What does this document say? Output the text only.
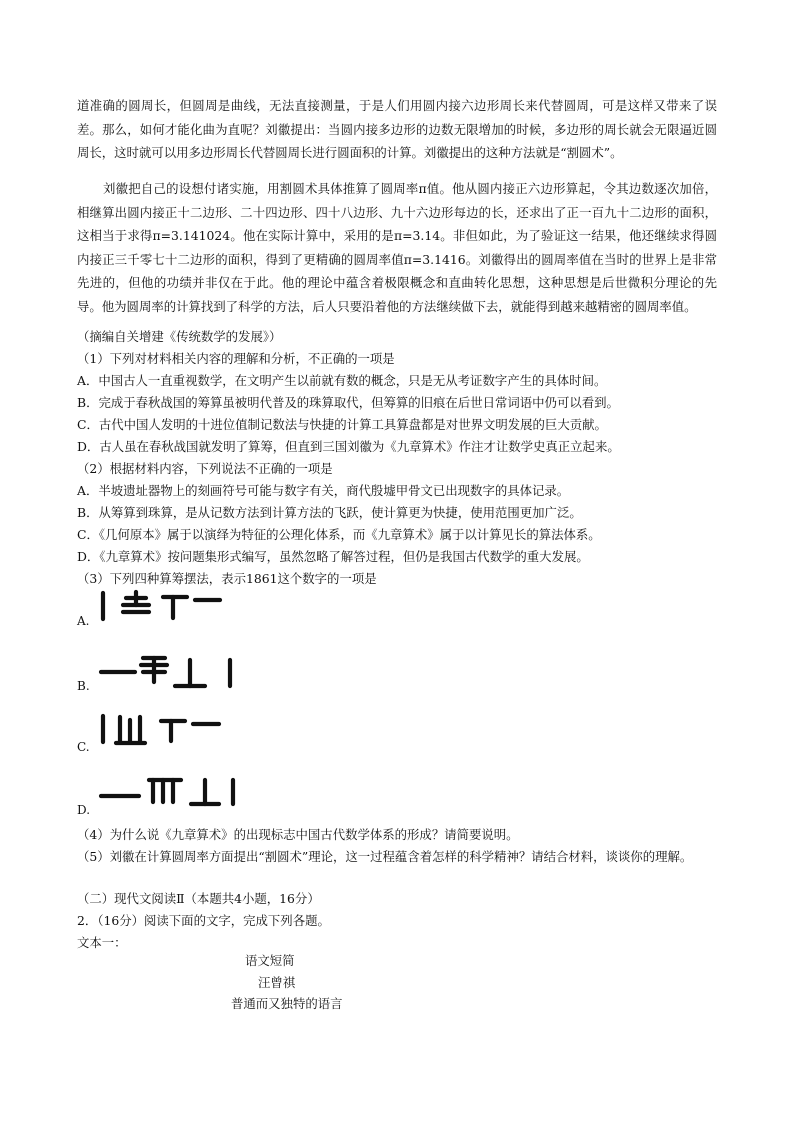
道准确的圆周长，但圆周是曲线，无法直接测量，于是人们用圆内接六边形周长来代替圆周，可是这样又带来了误差。那么，如何才能化曲为直呢？刘徽提出：当圆内接多边形的边数无限增加的时候，多边形的周长就会无限逼近圆周长，这时就可以用多边形周长代替圆周长进行圆面积的计算。刘徽提出的这种方法就是“割圆术”。

刘徽把自己的设想付诸实施，用割圆术具体推算了圆周率π值。他从圆内接正六边形算起，令其边数逐次加倍，相继算出圆内接正十二边形、二十四边形、四十八边形、九十六边形每边的长，还求出了正一百九十二边形的面积，这相当于求得π=3.141024。他在实际计算中，采用的是π=3.14。非但如此，为了验证这一结果，他还继续求得圆内接正三千零七十二边形的面积，得到了更精确的圆周率值π=3.1416。刘徽得出的圆周率值在当时的世界上是非常先进的，但他的功绩并非仅在于此。他的理论中蕴含着极限概念和直曲转化思想，这种思想是后世微积分理论的先导。他为圆周率的计算找到了科学的方法，后人只要沿着他的方法继续做下去，就能得到越来越精密的圆周率值。

（摘编自关增建《传统数学的发展》）

（1）下列对材料相关内容的理解和分析，不正确的一项是

A．中国古人一直重视数学，在文明产生以前就有数的概念，只是无从考证数字产生的具体时间。

B．完成于春秋战国的筹算虽被明代普及的珠算取代，但筹算的旧痕在后世日常词语中仍可以看到。

C．古代中国人发明的十进位值制记数法与快捷的计算工具算盘都是对世界文明发展的巨大贡献。

D．古人虽在春秋战国就发明了算筹，但直到三国刘徽为《九章算术》作注才让数学史真正立起来。

（2）根据材料内容，下列说法不正确的一项是

A．半坡遗址器物上的刻画符号可能与数字有关，商代殷墟甲骨文已出现数字的具体记录。

B．从筹算到珠算，是从记数方法到计算方法的飞跃，使计算更为快捷，使用范围更加广泛。

C．《几何原本》属于以演绎为特征的公理化体系，而《九章算术》属于以计算见长的算法体系。

D．《九章算术》按问题集形式编写，虽然忽略了解答过程，但仍是我国古代数学的重大发展。

（3）下列四种算筹摆法，表示1861这个数字的一项是

A.
B.
C.
D.

（4）为什么说《九章算术》的出现标志中国古代数学体系的形成？请简要说明。

（5）刘徽在计算圆周率方面提出“割圆术”理论，这一过程蕴含着怎样的科学精神？请结合材料，谈谈你的理解。

（二）现代文阅读Ⅱ（本题共4小题，16分）

2．（16分）阅读下面的文字，完成下列各题。

文本一：

语文短简
汪曾祺
普通而又独特的语言
